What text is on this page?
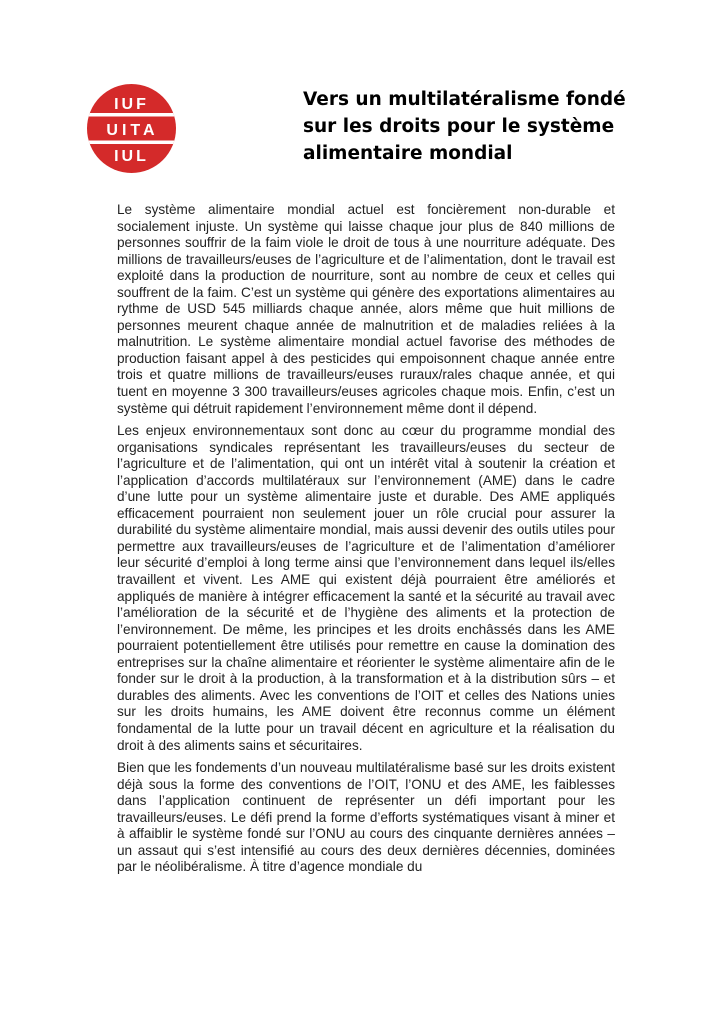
IUF
UITA
IUL
Vers un multilatéralisme fondé
sur les droits pour le système
alimentaire mondial

Le système alimentaire mondial actuel est foncièrement non-durable et socialement injuste. Un système qui laisse chaque jour plus de 840 millions de personnes souffrir de la faim viole le droit de tous à une nourriture adéquate. Des millions de travailleurs/euses de l’agriculture et de l’alimentation, dont le travail est exploité dans la production de nourriture, sont au nombre de ceux et celles qui souffrent de la faim. C’est un système qui génère des exportations alimentaires au rythme de USD 545 milliards chaque année, alors même que huit millions de personnes meurent chaque année de malnutrition et de maladies reliées à la malnutrition. Le système alimentaire mondial actuel favorise des méthodes de production faisant appel à des pesticides qui empoisonnent chaque année entre trois et quatre millions de travailleurs/euses ruraux/rales chaque année, et qui tuent en moyenne 3 300 travailleurs/euses agricoles chaque mois. Enfin, c’est un système qui détruit rapidement l’environnement même dont il dépend.

Les enjeux environnementaux sont donc au cœur du programme mondial des organisations syndicales représentant les travailleurs/euses du secteur de l’agriculture et de l’alimentation, qui ont un intérêt vital à soutenir la création et l’application d’accords multilatéraux sur l’environnement (AME) dans le cadre d’une lutte pour un système alimentaire juste et durable. Des AME appliqués efficacement pourraient non seulement jouer un rôle crucial pour assurer la durabilité du système alimentaire mondial, mais aussi devenir des outils utiles pour permettre aux travailleurs/euses de l’agriculture et de l’alimentation d’améliorer leur sécurité d’emploi à long terme ainsi que l’environnement dans lequel ils/elles travaillent et vivent. Les AME qui existent déjà pourraient être améliorés et appliqués de manière à intégrer efficacement la santé et la sécurité au travail avec l’amélioration de la sécurité et de l’hygiène des aliments et la protection de l’environnement. De même, les principes et les droits enchâssés dans les AME pourraient potentiellement être utilisés pour remettre en cause la domination des entreprises sur la chaîne alimentaire et réorienter le système alimentaire afin de le fonder sur le droit à la production, à la transformation et à la distribution sûrs – et durables des aliments. Avec les conventions de l’OIT et celles des Nations unies sur les droits humains, les AME doivent être reconnus comme un élément fondamental de la lutte pour un travail décent en agriculture et la réalisation du droit à des aliments sains et sécuritaires.

Bien que les fondements d’un nouveau multilatéralisme basé sur les droits existent déjà sous la forme des conventions de l’OIT, l’ONU et des AME, les faiblesses dans l’application continuent de représenter un défi important pour les travailleurs/euses. Le défi prend la forme d’efforts systématiques visant à miner et à affaiblir le système fondé sur l’ONU au cours des cinquante dernières années – un assaut qui s’est intensifié au cours des deux dernières décennies, dominées par le néolibéralisme. À titre d’agence mondiale du
